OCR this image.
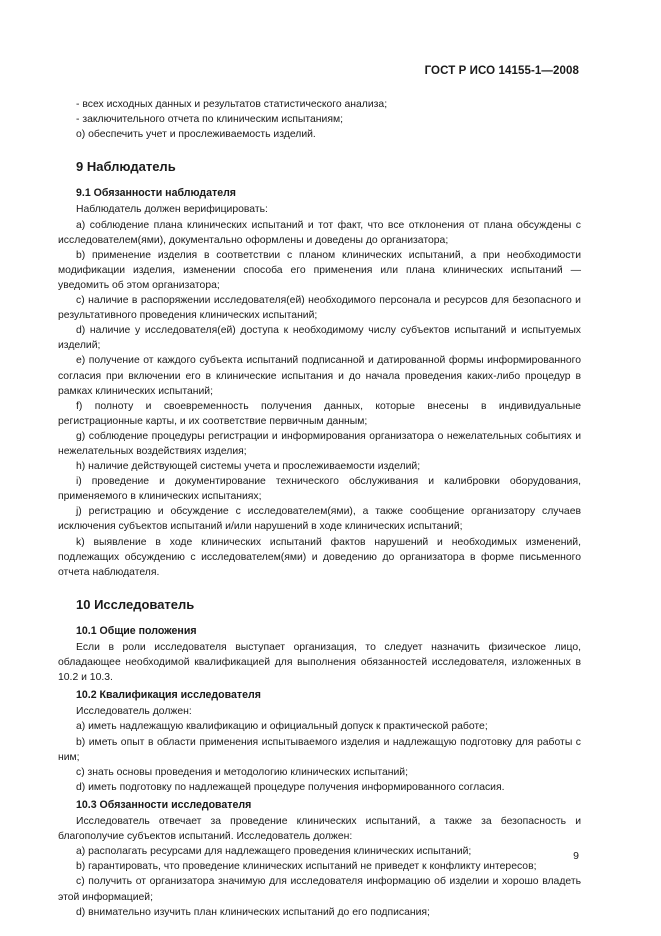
ГОСТ Р ИСО 14155-1—2008

- всех исходных данных и результатов статистического анализа;

- заключительного отчета по клиническим испытаниям;

о) обеспечить учет и прослеживаемость изделий.

9 Наблюдатель
9.1 Обязанности наблюдателя

Наблюдатель должен верифицировать:

а) соблюдение плана клинических испытаний и тот факт, что все отклонения от плана обсуждены с исследователем(ями), документально оформлены и доведены до организатора;

b) применение изделия в соответствии с планом клинических испытаний, а при необходимости модификации изделия, изменении способа его применения или плана клинических испытаний — уведомить об этом организатора;

с) наличие в распоряжении исследователя(ей) необходимого персонала и ресурсов для безопасного и результативного проведения клинических испытаний;

d) наличие у исследователя(ей) доступа к необходимому числу субъектов испытаний и испытуемых изделий;

е) получение от каждого субъекта испытаний подписанной и датированной формы информированного согласия при включении его в клинические испытания и до начала проведения каких-либо процедур в рамках клинических испытаний;

f) полноту и своевременность получения данных, которые внесены в индивидуальные регистрационные карты, и их соответствие первичным данным;

g) соблюдение процедуры регистрации и информирования организатора о нежелательных событиях и нежелательных воздействиях изделия;

h) наличие действующей системы учета и прослеживаемости изделий;

i) проведение и документирование технического обслуживания и калибровки оборудования, применяемого в клинических испытаниях;

j) регистрацию и обсуждение с исследователем(ями), а также сообщение организатору случаев исключения субъектов испытаний и/или нарушений в ходе клинических испытаний;

k) выявление в ходе клинических испытаний фактов нарушений и необходимых изменений, подлежащих обсуждению с исследователем(ями) и доведению до организатора в форме письменного отчета наблюдателя.

10 Исследователь
10.1 Общие положения

Если в роли исследователя выступает организация, то следует назначить физическое лицо, обладающее необходимой квалификацией для выполнения обязанностей исследователя, изложенных в 10.2 и 10.3.

10.2 Квалификация исследователя

Исследователь должен:

а) иметь надлежащую квалификацию и официальный допуск к практической работе;

b) иметь опыт в области применения испытываемого изделия и надлежащую подготовку для работы с ним;

с) знать основы проведения и методологию клинических испытаний;

d) иметь подготовку по надлежащей процедуре получения информированного согласия.

10.3 Обязанности исследователя

Исследователь отвечает за проведение клинических испытаний, а также за безопасность и благополучие субъектов испытаний. Исследователь должен:

а) располагать ресурсами для надлежащего проведения клинических испытаний;

b) гарантировать, что проведение клинических испытаний не приведет к конфликту интересов;

с) получить от организатора значимую для исследователя информацию об изделии и хорошо владеть этой информацией;

d) внимательно изучить план клинических испытаний до его подписания;

9
